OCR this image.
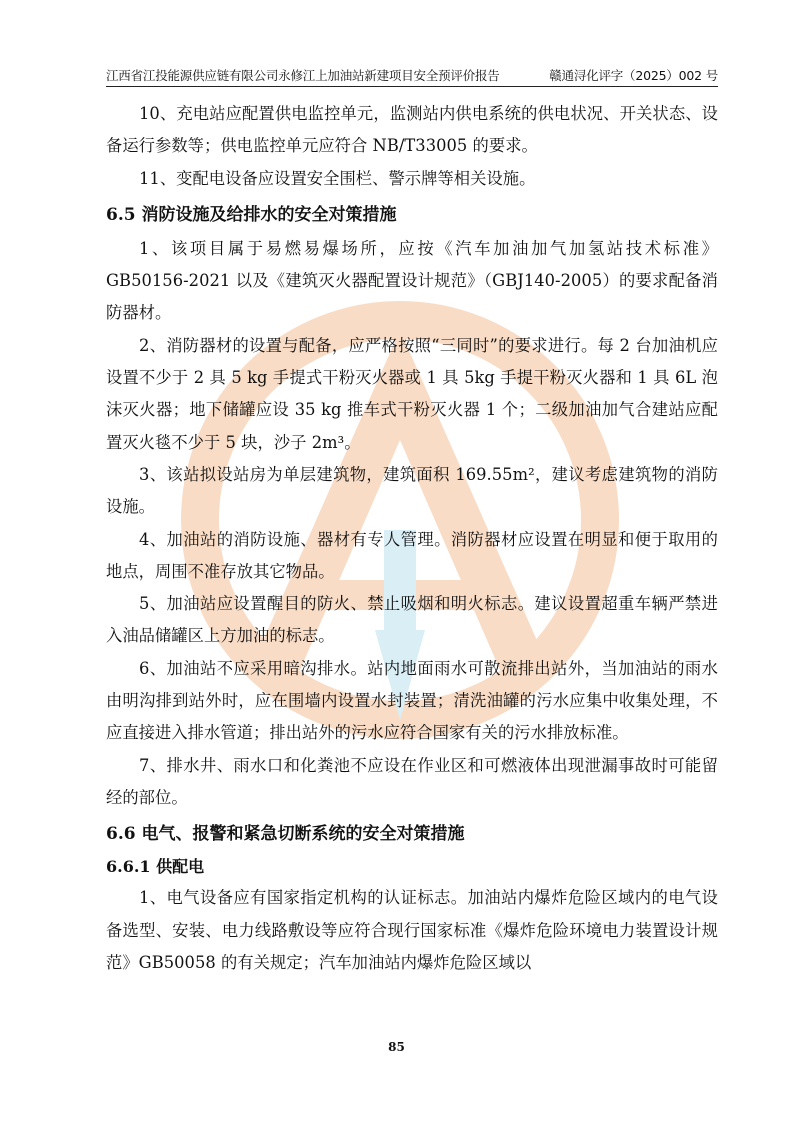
江西省江投能源供应链有限公司永修江上加油站新建项目安全预评价报告	赣通浔化评字（2025）002 号

10、充电站应配置供电监控单元，监测站内供电系统的供电状况、开关状态、设备运行参数等；供电监控单元应符合 NB/T33005 的要求。

11、变配电设备应设置安全围栏、警示牌等相关设施。

6.5 消防设施及给排水的安全对策措施

1、该项目属于易燃易爆场所，应按《汽车加油加气加氢站技术标准》GB50156-2021 以及《建筑灭火器配置设计规范》（GBJ140-2005）的要求配备消防器材。

2、消防器材的设置与配备，应严格按照“三同时”的要求进行。每 2 台加油机应设置不少于 2 具 5 kg 手提式干粉灭火器或 1 具 5kg 手提干粉灭火器和 1 具 6L 泡沫灭火器；地下储罐应设 35 kg 推车式干粉灭火器 1 个；二级加油加气合建站应配置灭火毯不少于 5 块，沙子 2m³。

3、该站拟设站房为单层建筑物，建筑面积 169.55m²，建议考虑建筑物的消防设施。

4、加油站的消防设施、器材有专人管理。消防器材应设置在明显和便于取用的地点，周围不准存放其它物品。

5、加油站应设置醒目的防火、禁止吸烟和明火标志。建议设置超重车辆严禁进入油品储罐区上方加油的标志。

6、加油站不应采用暗沟排水。站内地面雨水可散流排出站外，当加油站的雨水由明沟排到站外时，应在围墙内设置水封装置；清洗油罐的污水应集中收集处理，不应直接进入排水管道；排出站外的污水应符合国家有关的污水排放标准。

7、排水井、雨水口和化粪池不应设在作业区和可燃液体出现泄漏事故时可能留经的部位。

6.6 电气、报警和紧急切断系统的安全对策措施
6.6.1 供配电

1、电气设备应有国家指定机构的认证标志。加油站内爆炸危险区域内的电气设备选型、安装、电力线路敷设等应符合现行国家标准《爆炸危险环境电力装置设计规范》GB50058 的有关规定；汽车加油站内爆炸危险区域以

85
